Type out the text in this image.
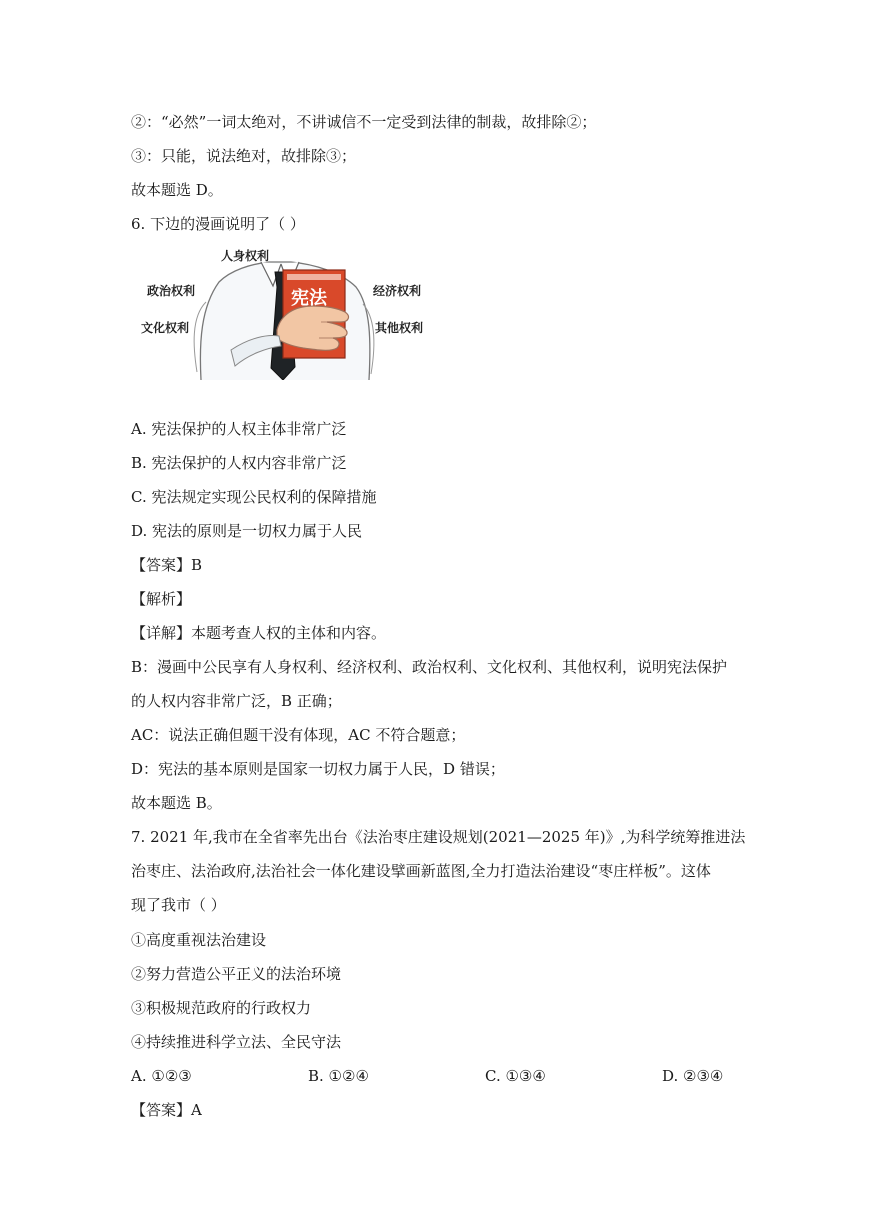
②：“必然”一词太绝对，不讲诚信不一定受到法律的制裁，故排除②；
③：只能，说法绝对，故排除③；
故本题选 D。
6. 下边的漫画说明了（ ）
人身权利
政治权利	经济权利
文化权利	其他权利
宪法
A. 宪法保护的人权主体非常广泛
B. 宪法保护的人权内容非常广泛
C. 宪法规定实现公民权利的保障措施
D. 宪法的原则是一切权力属于人民
【答案】B
【解析】
【详解】本题考查人权的主体和内容。
B：漫画中公民享有人身权利、经济权利、政治权利、文化权利、其他权利，说明宪法保护
的人权内容非常广泛，B 正确；
AC：说法正确但题干没有体现，AC 不符合题意；
D：宪法的基本原则是国家一切权力属于人民，D 错误；
故本题选 B。
7. 2021 年,我市在全省率先出台《法治枣庄建设规划(2021—2025 年)》,为科学统筹推进法
治枣庄、法治政府,法治社会一体化建设擘画新蓝图,全力打造法治建设“枣庄样板”。这体
现了我市（ ）
①高度重视法治建设
②努力营造公平正义的法治环境
③积极规范政府的行政权力
④持续推进科学立法、全民守法
A. ①②③	B. ①②④	C. ①③④	D. ②③④
【答案】A
